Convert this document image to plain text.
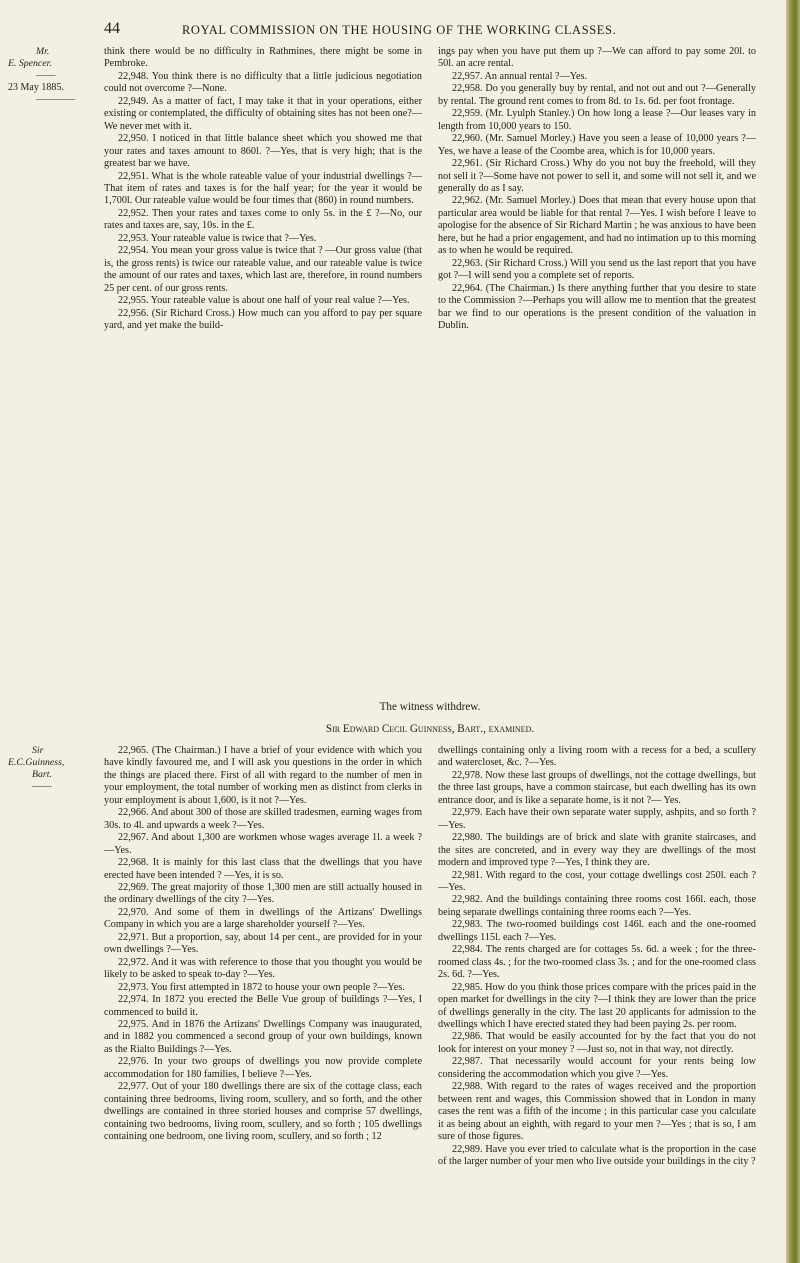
44	ROYAL COMMISSION ON THE HOUSING OF THE WORKING CLASSES.
Mr.
E. Spencer.
——
23 May 1885.
————
Sir
E.C.Guinness,
Bart.
——

think there would be no difficulty in Rathmines, there might be some in Pembroke.

22,948. You think there is no difficulty that a little judicious negotiation could not overcome ?—None.

22,949. As a matter of fact, I may take it that in your operations, either existing or contemplated, the difficulty of obtaining sites has not been one?—We never met with it.

22,950. I noticed in that little balance sheet which you showed me that your rates and taxes amount to 860l. ?—Yes, that is very high; that is the greatest bar we have.

22,951. What is the whole rateable value of your industrial dwellings ?—That item of rates and taxes is for the half year; for the year it would be 1,700l. Our rateable value would be four times that (860) in round numbers.

22,952. Then your rates and taxes come to only 5s. in the £ ?—No, our rates and taxes are, say, 10s. in the £.

22,953. Your rateable value is twice that ?—Yes.

22,954. You mean your gross value is twice that ? —Our gross value (that is, the gross rents) is twice our rateable value, and our rateable value is twice the amount of our rates and taxes, which last are, therefore, in round numbers 25 per cent. of our gross rents.

22,955. Your rateable value is about one half of your real value ?—Yes.

22,956. (Sir Richard Cross.) How much can you afford to pay per square yard, and yet make the build-

ings pay when you have put them up ?—We can afford to pay some 20l. to 50l. an acre rental.

22,957. An annual rental ?—Yes.

22,958. Do you generally buy by rental, and not out and out ?—Generally by rental. The ground rent comes to from 8d. to 1s. 6d. per foot frontage.

22,959. (Mr. Lyulph Stanley.) On how long a lease ?—Our leases vary in length from 10,000 years to 150.

22,960. (Mr. Samuel Morley.) Have you seen a lease of 10,000 years ?—Yes, we have a lease of the Coombe area, which is for 10,000 years.

22,961. (Sir Richard Cross.) Why do you not buy the freehold, will they not sell it ?—Some have not power to sell it, and some will not sell it, and we generally do as I say.

22,962. (Mr. Samuel Morley.) Does that mean that every house upon that particular area would be liable for that rental ?—Yes. I wish before I leave to apologise for the absence of Sir Richard Martin ; he was anxious to have been here, but he had a prior engagement, and had no intimation up to this morning as to when he would be required.

22,963. (Sir Richard Cross.) Will you send us the last report that you have got ?—I will send you a complete set of reports.

22,964. (The Chairman.) Is there anything further that you desire to state to the Commission ?—Perhaps you will allow me to mention that the greatest bar we find to our operations is the present condition of the valuation in Dublin.

The witness withdrew.
Sir Edward Cecil Guinness, Bart., examined.

22,965. (The Chairman.) I have a brief of your evidence with which you have kindly favoured me, and I will ask you questions in the order in which the things are placed there. First of all with regard to the number of men in your employment, the total number of working men as distinct from clerks in your employment is about 1,600, is it not ?—Yes.

22,966. And about 300 of those are skilled tradesmen, earning wages from 30s. to 4l. and upwards a week ?—Yes.

22,967. And about 1,300 are workmen whose wages average 1l. a week ?—Yes.

22,968. It is mainly for this last class that the dwellings that you have erected have been intended ? —Yes, it is so.

22,969. The great majority of those 1,300 men are still actually housed in the ordinary dwellings of the city ?—Yes.

22,970. And some of them in dwellings of the Artizans' Dwellings Company in which you are a large shareholder yourself ?—Yes.

22,971. But a proportion, say, about 14 per cent., are provided for in your own dwellings ?—Yes.

22,972. And it was with reference to those that you thought you would be likely to be asked to speak to-day ?—Yes.

22,973. You first attempted in 1872 to house your own people ?—Yes.

22,974. In 1872 you erected the Belle Vue group of buildings ?—Yes, I commenced to build it.

22,975. And in 1876 the Artizans' Dwellings Company was inaugurated, and in 1882 you commenced a second group of your own buildings, known as the Rialto Buildings ?—Yes.

22,976. In your two groups of dwellings you now provide complete accommodation for 180 families, I believe ?—Yes.

22,977. Out of your 180 dwellings there are six of the cottage class, each containing three bedrooms, living room, scullery, and so forth, and the other dwellings are contained in three storied houses and comprise 57 dwellings, containing two bedrooms, living room, scullery, and so forth ; 105 dwellings containing one bedroom, one living room, scullery, and so forth ; 12

dwellings containing only a living room with a recess for a bed, a scullery and watercloset, &c. ?—Yes.

22,978. Now these last groups of dwellings, not the cottage dwellings, but the three last groups, have a common staircase, but each dwelling has its own entrance door, and is like a separate home, is it not ?— Yes.

22,979. Each have their own separate water supply, ashpits, and so forth ?—Yes.

22,980. The buildings are of brick and slate with granite staircases, and the sites are concreted, and in every way they are dwellings of the most modern and improved type ?—Yes, I think they are.

22,981. With regard to the cost, your cottage dwellings cost 250l. each ?—Yes.

22,982. And the buildings containing three rooms cost 166l. each, those being separate dwellings containing three rooms each ?—Yes.

22,983. The two-roomed buildings cost 146l. each and the one-roomed dwellings 115l. each ?—Yes.

22,984. The rents charged are for cottages 5s. 6d. a week ; for the three-roomed class 4s. ; for the two-roomed class 3s. ; and for the one-roomed class 2s. 6d. ?—Yes.

22,985. How do you think those prices compare with the prices paid in the open market for dwellings in the city ?—I think they are lower than the price of dwellings generally in the city. The last 20 applicants for admission to the dwellings which I have erected stated they had been paying 2s. per room.

22,986. That would be easily accounted for by the fact that you do not look for interest on your money ? —Just so, not in that way, not directly.

22,987. That necessarily would account for your rents being low considering the accommodation which you give ?—Yes.

22,988. With regard to the rates of wages received and the proportion between rent and wages, this Commission showed that in London in many cases the rent was a fifth of the income ; in this particular case you calculate it as being about an eighth, with regard to your men ?—Yes ; that is so, I am sure of those figures.

22,989. Have you ever tried to calculate what is the proportion in the case of the larger number of your men who live outside your buildings in the city ?
